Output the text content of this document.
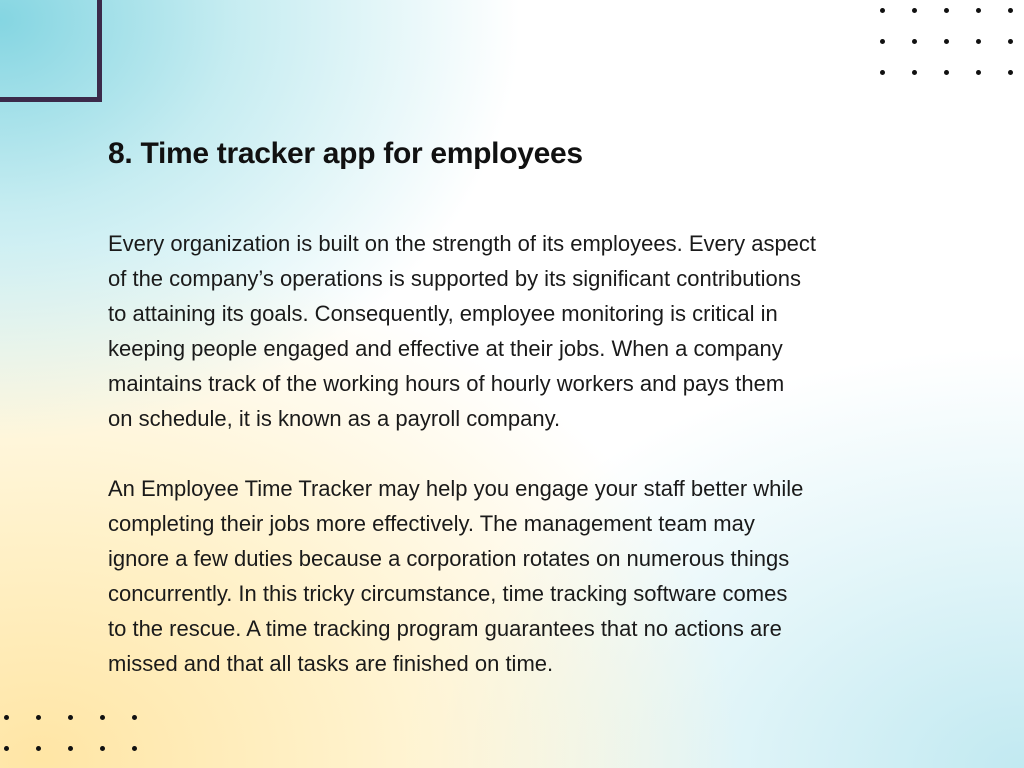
8. Time tracker app for employees

Every organization is built on the strength of its employees. Every aspect
of the company’s operations is supported by its significant contributions
to attaining its goals. Consequently, employee monitoring is critical in
keeping people engaged and effective at their jobs. When a company
maintains track of the working hours of hourly workers and pays them
on schedule, it is known as a payroll company.

An Employee Time Tracker may help you engage your staff better while
completing their jobs more effectively. The management team may
ignore a few duties because a corporation rotates on numerous things
concurrently. In this tricky circumstance, time tracking software comes
to the rescue. A time tracking program guarantees that no actions are
missed and that all tasks are finished on time.
